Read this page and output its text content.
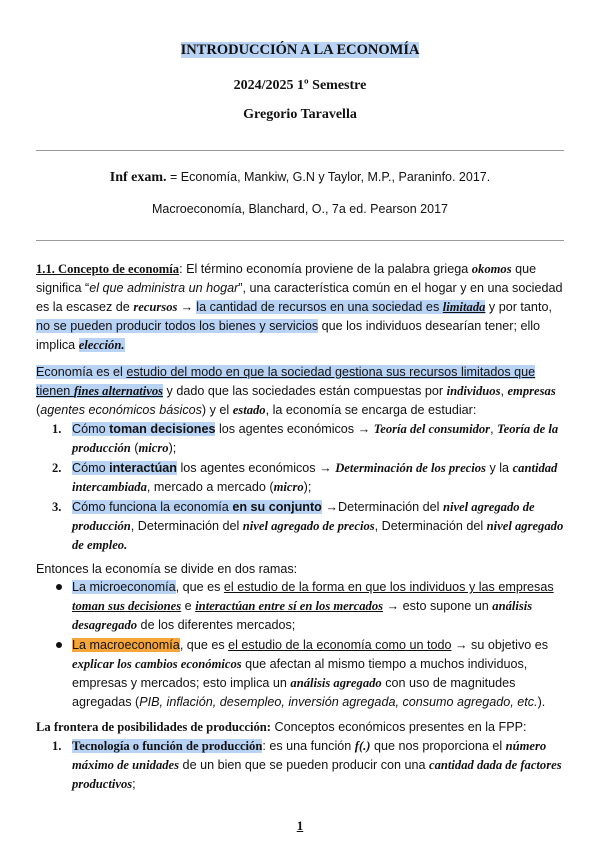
INTRODUCCIÓN A LA ECONOMÍA
2024/2025 1º Semestre
Gregorio Taravella
Inf exam. = Economía, Mankiw, G.N y Taylor, M.P., Paraninfo. 2017.
Macroeconomía, Blanchard, O., 7a ed. Pearson 2017

1.1. Concepto de economía: El término economía proviene de la palabra griega okomos que significa “el que administra un hogar”, una característica común en el hogar y en una sociedad es la escasez de recursos → la cantidad de recursos en una sociedad es limitada y por tanto, no se pueden producir todos los bienes y servicios que los individuos desearían tener; ello implica elección.

Economía es el estudio del modo en que la sociedad gestiona sus recursos limitados que tienen fines alternativos y dado que las sociedades están compuestas por individuos, empresas (agentes económicos básicos) y el estado, la economía se encarga de estudiar:

1. Cómo toman decisiones los agentes económicos → Teoría del consumidor, Teoría de la producción (micro);
2. Cómo interactúan los agentes económicos → Determinación de los precios y la cantidad intercambiada, mercado a mercado (micro);
3. Cómo funciona la economía en su conjunto →Determinación del nivel agregado de producción, Determinación del nivel agregado de precios, Determinación del nivel agregado de empleo.
Entonces la economía se divide en dos ramas:
La microeconomía, que es el estudio de la forma en que los individuos y las empresas toman sus decisiones e interactúan entre sí en los mercados → esto supone un análisis desagregado de los diferentes mercados;
La macroeconomía, que es el estudio de la economía como un todo → su objetivo es explicar los cambios económicos que afectan al mismo tiempo a muchos individuos, empresas y mercados; esto implica un análisis agregado con uso de magnitudes agregadas (PIB, inflación, desempleo, inversión agregada, consumo agregado, etc.).
La frontera de posibilidades de producción: Conceptos económicos presentes en la FPP:
1. Tecnología o función de producción: es una función f(.) que nos proporciona el número máximo de unidades de un bien que se pueden producir con una cantidad dada de factores productivos;
1
